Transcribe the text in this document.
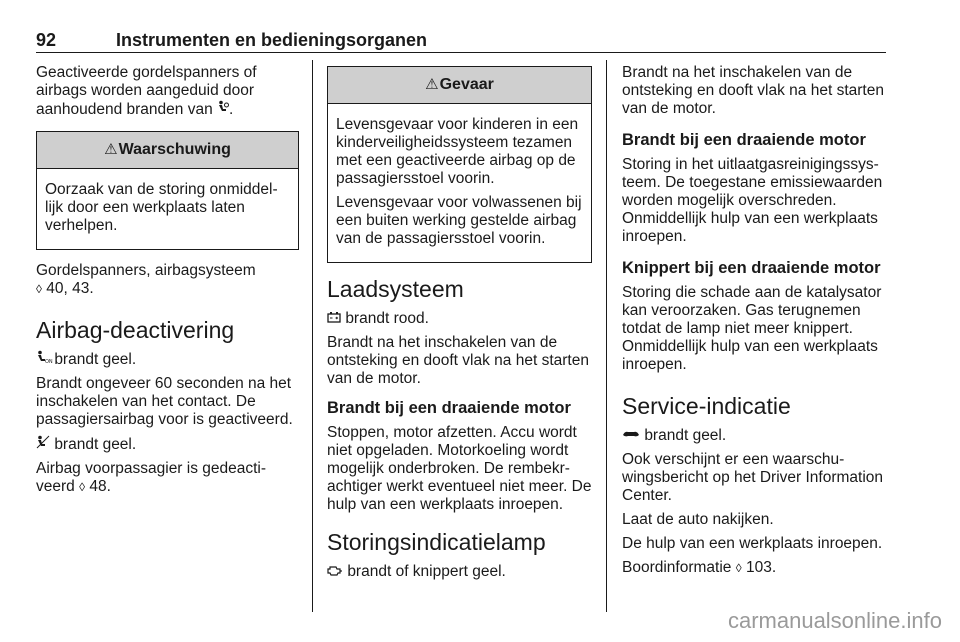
92	Instrumenten en bedieningsorganen

Geactiveerde gordelspanners of
airbags worden aangeduid door
aanhoudend branden van .

⚠Waarschuwing

Oorzaak van de storing onmiddellijk door een werkplaats laten verhelpen.

Gordelspanners, airbagsysteem
◊ 40, 43.

Airbag-deactivering

ON brandt geel.

Brandt ongeveer 60 seconden na het inschakelen van het contact. De passagiersairbag voor is geactiveerd.

brandt geel.

Airbag voorpassagier is gedeactiveerd ◊ 48.

⚠Gevaar

Levensgevaar voor kinderen in een kinderveiligheidssysteem tezamen met een geactiveerde airbag op de passagiersstoel voorin.

Levensgevaar voor volwassenen bij een buiten werking gestelde airbag van de passagiersstoel voorin.

Laadsysteem

brandt rood.

Brandt na het inschakelen van de ontsteking en dooft vlak na het starten van de motor.

Brandt bij een draaiende motor

Stoppen, motor afzetten. Accu wordt niet opgeladen. Motorkoeling wordt mogelijk onderbroken. De rembekrachtiger werkt eventueel niet meer. De hulp van een werkplaats inroepen.

Storingsindicatielamp

brandt of knippert geel.

Brandt na het inschakelen van de ontsteking en dooft vlak na het starten van de motor.

Brandt bij een draaiende motor

Storing in het uitlaatgasreinigingssysteem. De toegestane emissiewaarden worden mogelijk overschreden. Onmiddellijk hulp van een werkplaats inroepen.

Knippert bij een draaiende motor

Storing die schade aan de katalysator kan veroorzaken. Gas terugnemen totdat de lamp niet meer knippert. Onmiddellijk hulp van een werkplaats inroepen.

Service-indicatie

brandt geel.

Ook verschijnt er een waarschuwingsbericht op het Driver Information Center.

Laat de auto nakijken.

De hulp van een werkplaats inroepen.

Boordinformatie ◊ 103.

carmanualsonline.info
